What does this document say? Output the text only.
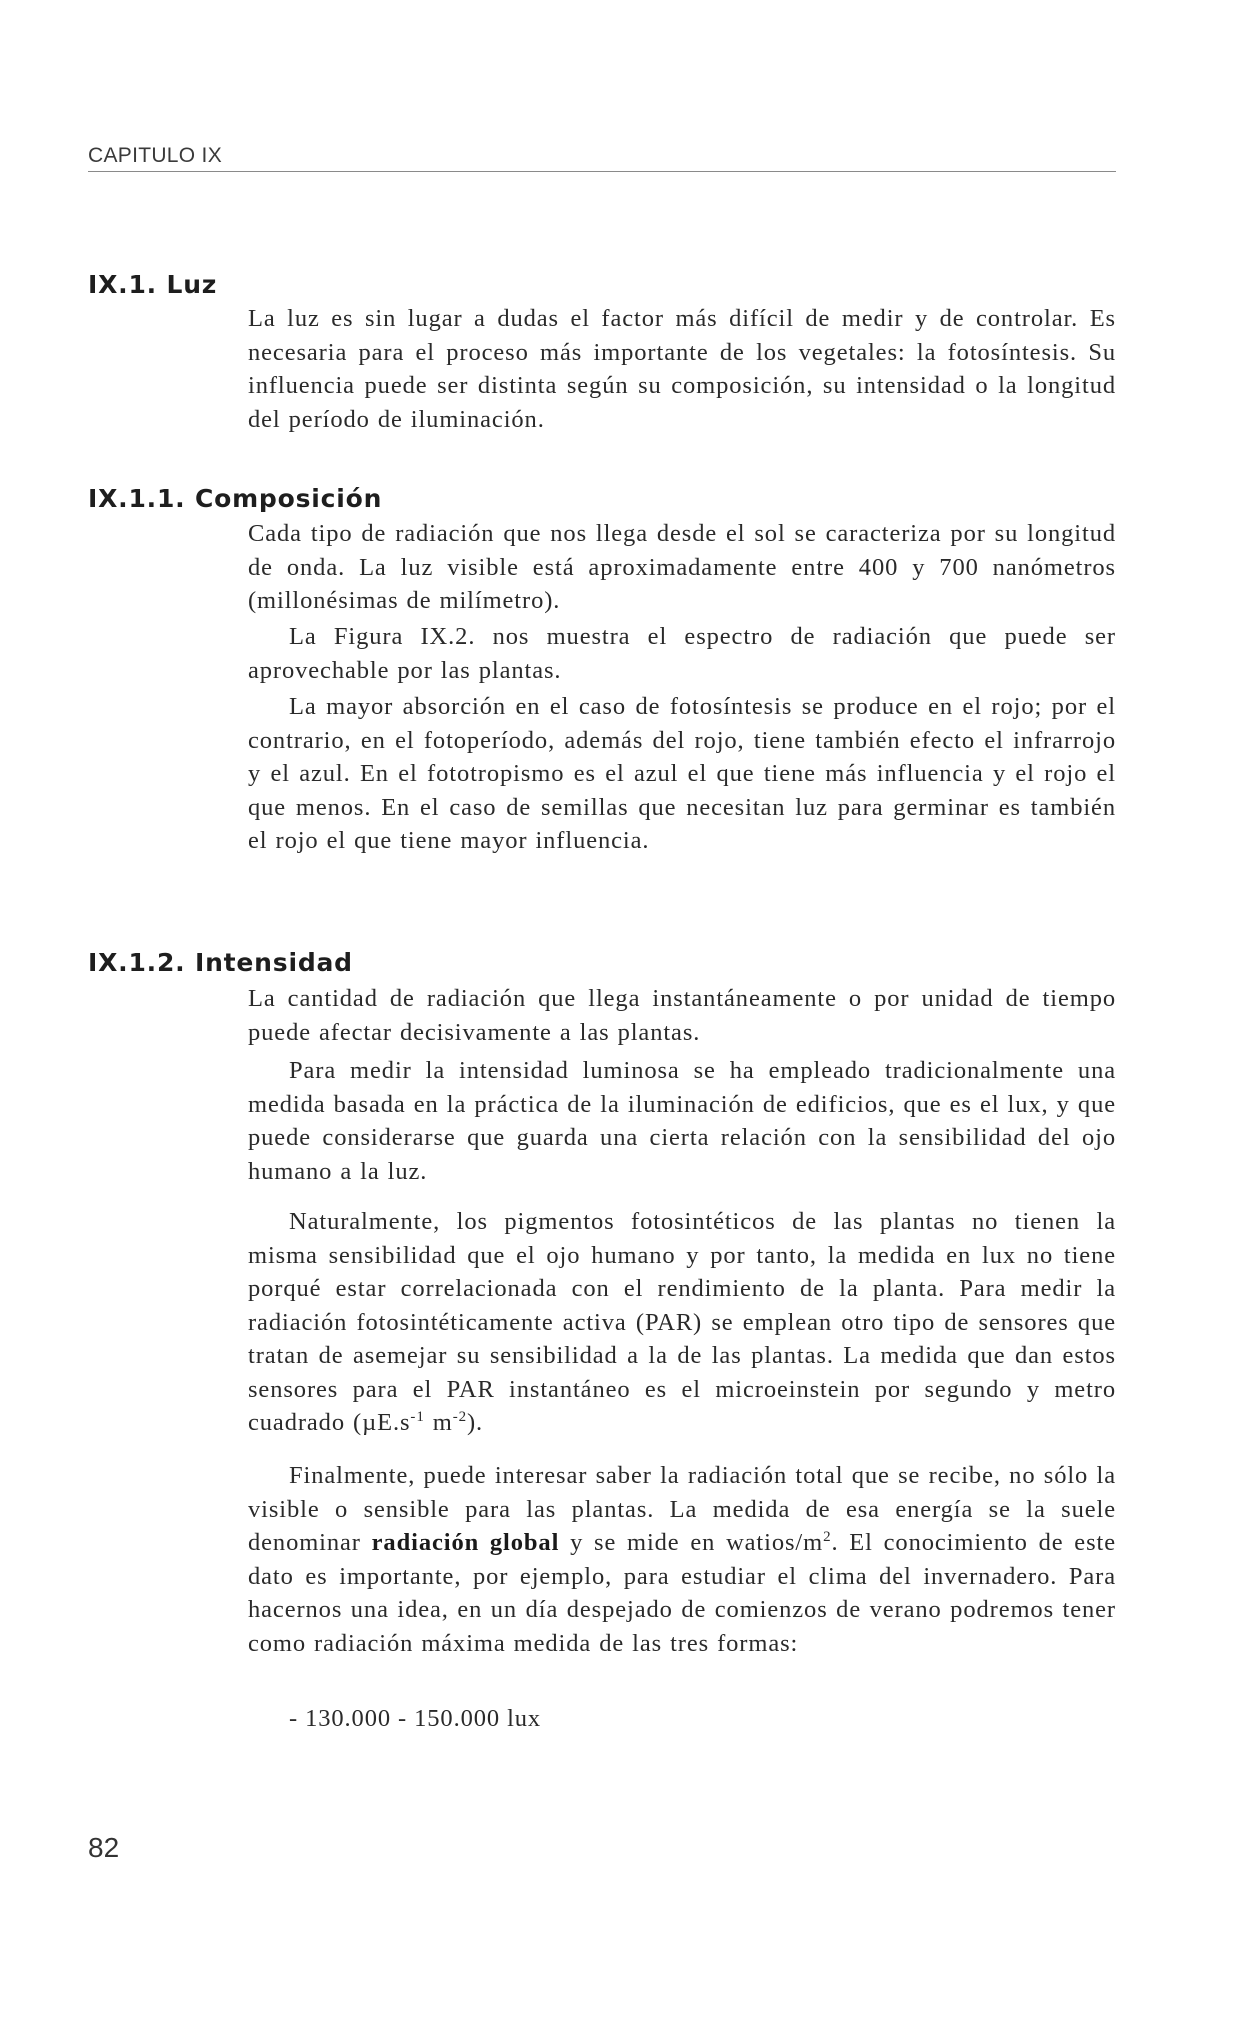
CAPITULO IX
IX.1. Luz

La luz es sin lugar a dudas el factor más difícil de medir y de controlar. Es necesaria para el proceso más importante de los vegetales: la fotosíntesis. Su influencia puede ser distinta según su composición, su intensidad o la longitud del período de iluminación.

IX.1.1. Composición

Cada tipo de radiación que nos llega desde el sol se caracteriza por su longitud de onda. La luz visible está aproximadamente entre 400 y 700 nanómetros (millonésimas de milímetro).

La Figura IX.2. nos muestra el espectro de radiación que puede ser aprovechable por las plantas.

La mayor absorción en el caso de fotosíntesis se produce en el rojo; por el contrario, en el fotoperíodo, además del rojo, tiene también efecto el infrarrojo y el azul. En el fototropismo es el azul el que tiene más influencia y el rojo el que menos. En el caso de semillas que necesitan luz para germinar es también el rojo el que tiene mayor influencia.

IX.1.2. Intensidad

La cantidad de radiación que llega instantáneamente o por unidad de tiempo puede afectar decisivamente a las plantas.

Para medir la intensidad luminosa se ha empleado tradicionalmente una medida basada en la práctica de la iluminación de edificios, que es el lux, y que puede considerarse que guarda una cierta relación con la sensibilidad del ojo humano a la luz.

Naturalmente, los pigmentos fotosintéticos de las plantas no tienen la misma sensibilidad que el ojo humano y por tanto, la medida en lux no tiene porqué estar correlacionada con el rendimiento de la planta. Para medir la radiación fotosintéticamente activa (PAR) se emplean otro tipo de sensores que tratan de asemejar su sensibilidad a la de las plantas. La medida que dan estos sensores para el PAR instantáneo es el microeinstein por segundo y metro cuadrado ($\mu E.s^{-1}$ $m^{-2}$).

Finalmente, puede interesar saber la radiación total que se recibe, no sólo la visible o sensible para las plantas. La medida de esa energía se la suele denominar radiación global y se mide en watios/$m^2$. El conocimiento de este dato es importante, por ejemplo, para estudiar el clima del invernadero. Para hacernos una idea, en un día despejado de comienzos de verano podremos tener como radiación máxima medida de las tres formas:

- 130.000 - 150.000 lux
82
